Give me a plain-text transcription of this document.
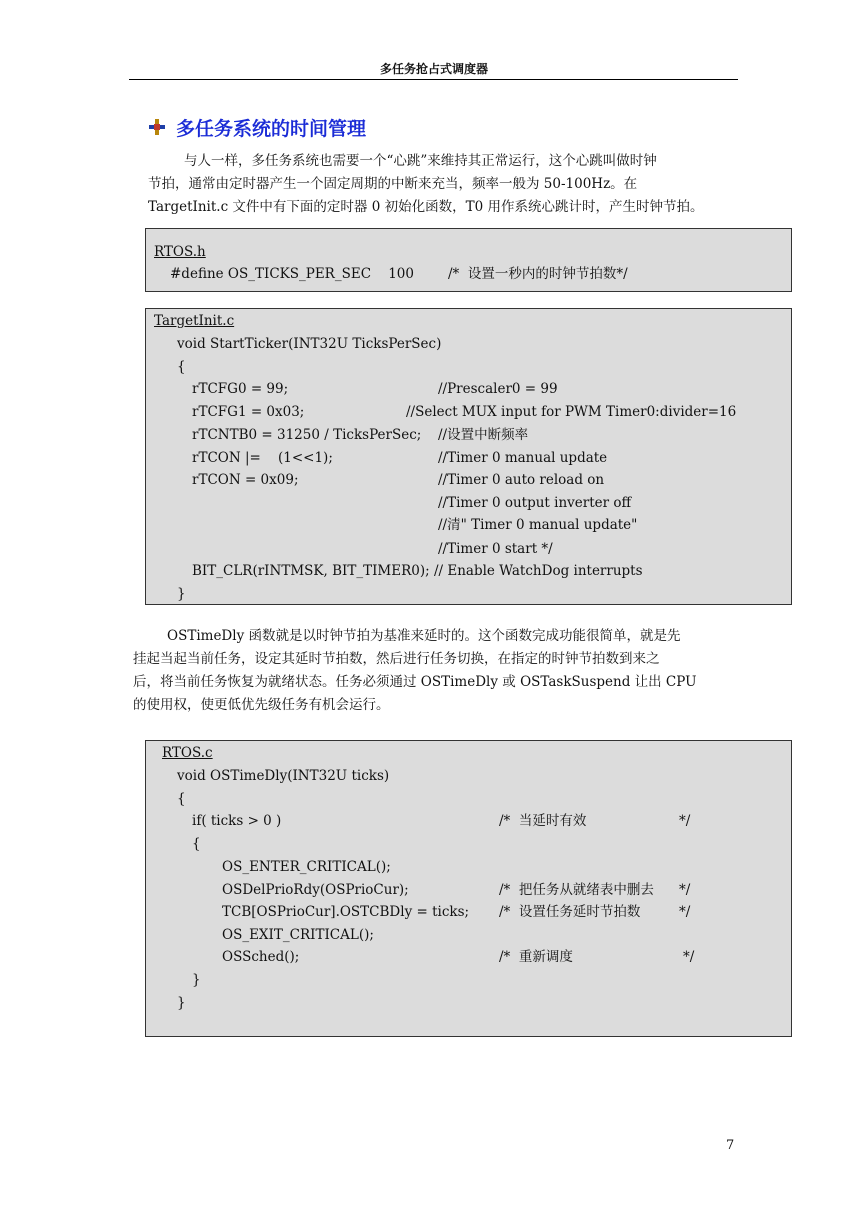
多任务抢占式调度器
多任务系统的时间管理
与人一样，多任务系统也需要一个“心跳”来维持其正常运行，这个心跳叫做时钟
节拍，通常由定时器产生一个固定周期的中断来充当，频率一般为 50-100Hz。在
TargetInit.c 文件中有下面的定时器 0 初始化函数，T0 用作系统心跳计时，产生时钟节拍。
RTOS.h
#define OS_TICKS_PER_SEC    100	/*  设置一秒内的时钟节拍数*/
TargetInit.c
void StartTicker(INT32U TicksPerSec)
{
rTCFG0 = 99;	//Prescaler0 = 99
rTCFG1 = 0x03;	//Select MUX input for PWM Timer0:divider=16
rTCNTB0 = 31250 / TicksPerSec; //设置中断频率
rTCON |=    (1<<1);	//Timer 0 manual update
rTCON = 0x09;	//Timer 0 auto reload on
//Timer 0 output inverter off
//清" Timer 0 manual update"
//Timer 0 start */
BIT_CLR(rINTMSK, BIT_TIMER0); // Enable WatchDog interrupts
}
OSTimeDly 函数就是以时钟节拍为基准来延时的。这个函数完成功能很简单，就是先
挂起当起当前任务，设定其延时节拍数，然后进行任务切换，在指定的时钟节拍数到来之
后，将当前任务恢复为就绪状态。任务必须通过 OSTimeDly 或 OSTaskSuspend 让出 CPU
的使用权，使更低优先级任务有机会运行。
RTOS.c
void OSTimeDly(INT32U ticks)
{
if( ticks > 0 )	/*  当延时有效	*/
{
OS_ENTER_CRITICAL();
OSDelPrioRdy(OSPrioCur);	/*  把任务从就绪表中删去 */
TCB[OSPrioCur].OSTCBDly = ticks; /*  设置任务延时节拍数	*/
OS_EXIT_CRITICAL();
OSSched();	/*  重新调度	*/
}
}
7
